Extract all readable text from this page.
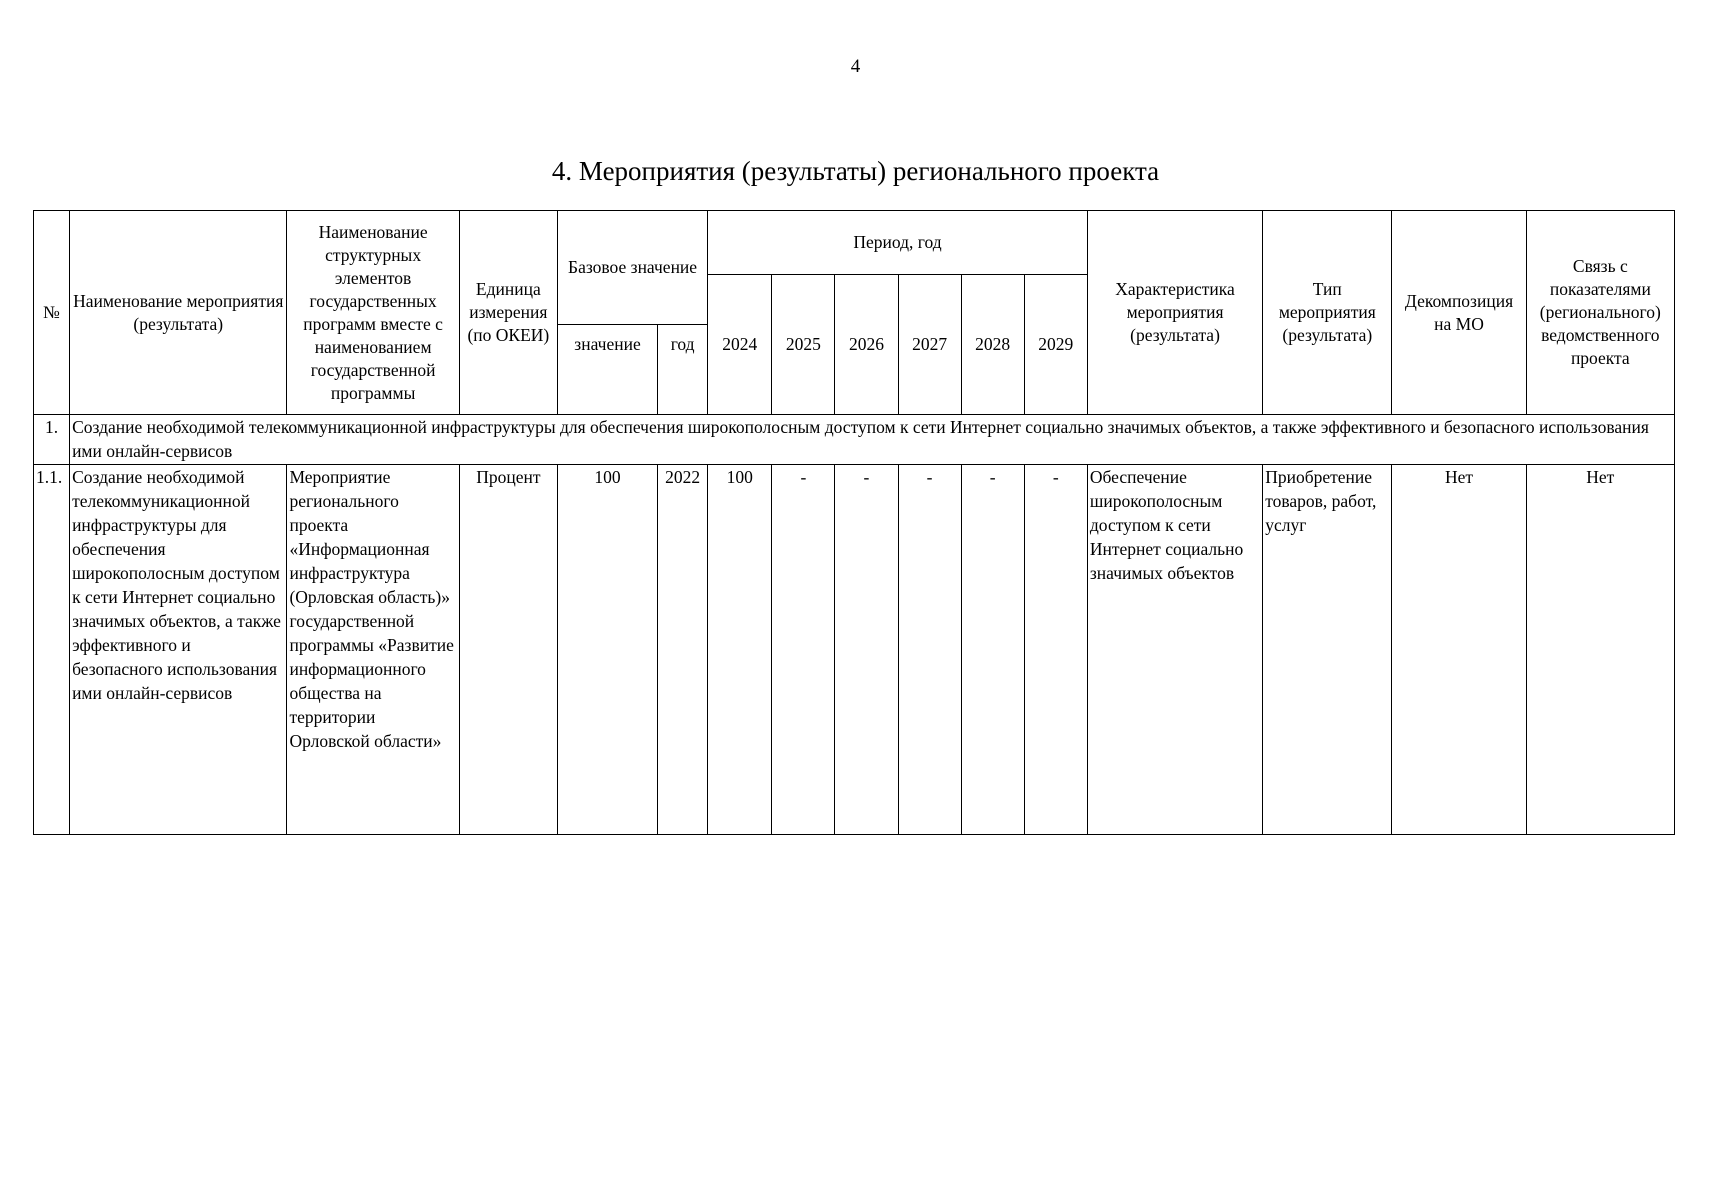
4
4. Мероприятия (результаты) регионального проекта
№	Наименование мероприятия (результата)	Наименование структурных элементов государственных программ вместе с наименованием государственной программы	Единица измерения (по ОКЕИ)	Базовое значение		Период, год						Характеристика мероприятия (результата)	Тип мероприятия (результата)	Декомпозиция на МО	Связь с показателями (регионального) ведомственного проекта
						2024	2025	2026	2027	2028	2029				
				значение	год										
1.	Создание необходимой телекоммуникационной инфраструктуры для обеспечения широкополосным доступом к сети Интернет социально значимых объектов, а также эффективного и безопасного использования ими онлайн-сервисов														
1.1.	Создание необходимой телекоммуникационной инфраструктуры для обеспечения широкополосным доступом к сети Интернет социально значимых объектов, а также эффективного и безопасного использования ими онлайн-сервисов	Мероприятие регионального проекта «Информационная инфраструктура (Орловская область)» государственной программы «Развитие информационного общества на территории Орловской области»	Процент	100	2022	100	-	-	-	-	-	Обеспечение широкополосным доступом к сети Интернет социально значимых объектов	Приобретение товаров, работ, услуг	Нет	Нет
